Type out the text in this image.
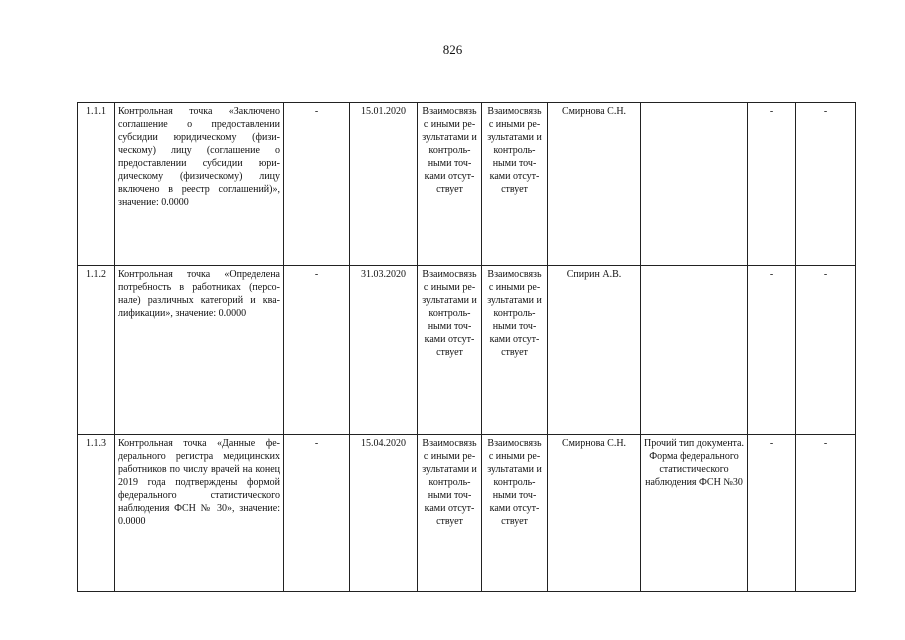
826
1.1.1	Контрольная точка «Заключено соглашение о предоставлении субсидии юридическому (физическому) лицу (соглашение о предоставлении субсидии юридическому (физическому) лицу включено в реестр соглашений)», значение: 0.0000	-	15.01.2020	Взаимосвязь с иными результатами и контрольными точками отсутствует	Взаимосвязь с иными результатами и контрольными точками отсутствует	Смирнова С.Н.		-	-
1.1.2	Контрольная точка «Определена потребность в работниках (персонале) различных категорий и квалификации», значение: 0.0000	-	31.03.2020	Взаимосвязь с иными результатами и контрольными точками отсутствует	Взаимосвязь с иными результатами и контрольными точками отсутствует	Спирин А.В.		-	-
1.1.3	Контрольная точка «Данные федерального регистра медицинских работников по числу врачей на конец 2019 года подтверждены формой федерального статистического наблюдения ФСН № 30», значение: 0.0000	-	15.04.2020	Взаимосвязь с иными результатами и контрольными точками отсутствует	Взаимосвязь с иными результатами и контрольными точками отсутствует	Смирнова С.Н.	Прочий тип документа. Форма федерального статистического наблюдения ФСН №30	-	-
